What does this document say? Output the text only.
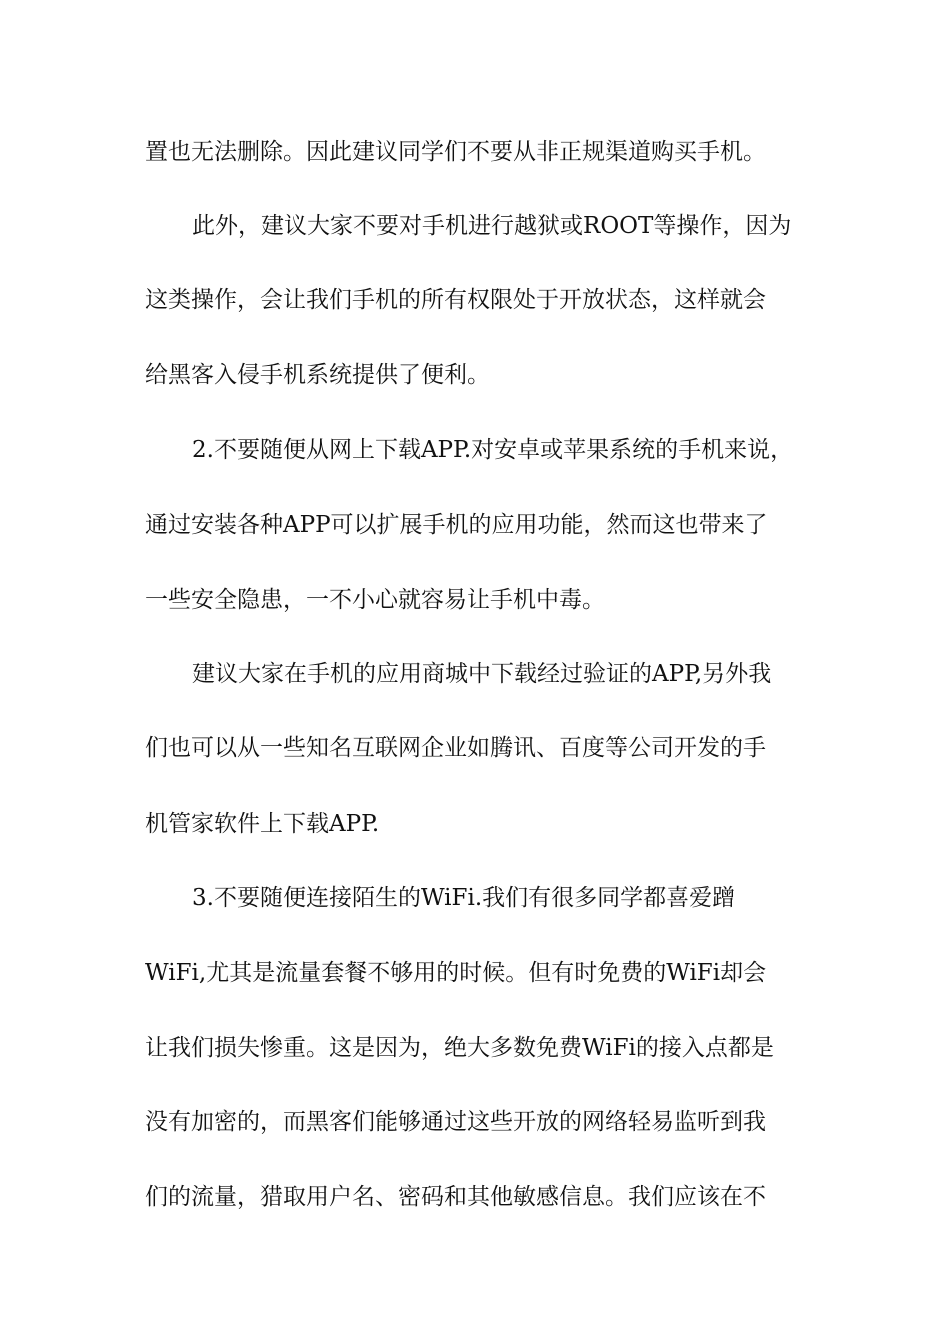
置也无法删除。因此建议同学们不要从非正规渠道购买手机。
此外，建议大家不要对手机进行越狱或ROOT等操作，因为
这类操作，会让我们手机的所有权限处于开放状态，这样就会
给黑客入侵手机系统提供了便利。
2.不要随便从网上下载APP.对安卓或苹果系统的手机来说，
通过安装各种APP可以扩展手机的应用功能，然而这也带来了
一些安全隐患，一不小心就容易让手机中毒。
建议大家在手机的应用商城中下载经过验证的APP,另外我
们也可以从一些知名互联网企业如腾讯、百度等公司开发的手
机管家软件上下载APP.
3.不要随便连接陌生的WiFi.我们有很多同学都喜爱蹭
WiFi,尤其是流量套餐不够用的时候。但有时免费的WiFi却会
让我们损失惨重。这是因为，绝大多数免费WiFi的接入点都是
没有加密的，而黑客们能够通过这些开放的网络轻易监听到我
们的流量，猎取用户名、密码和其他敏感信息。我们应该在不
